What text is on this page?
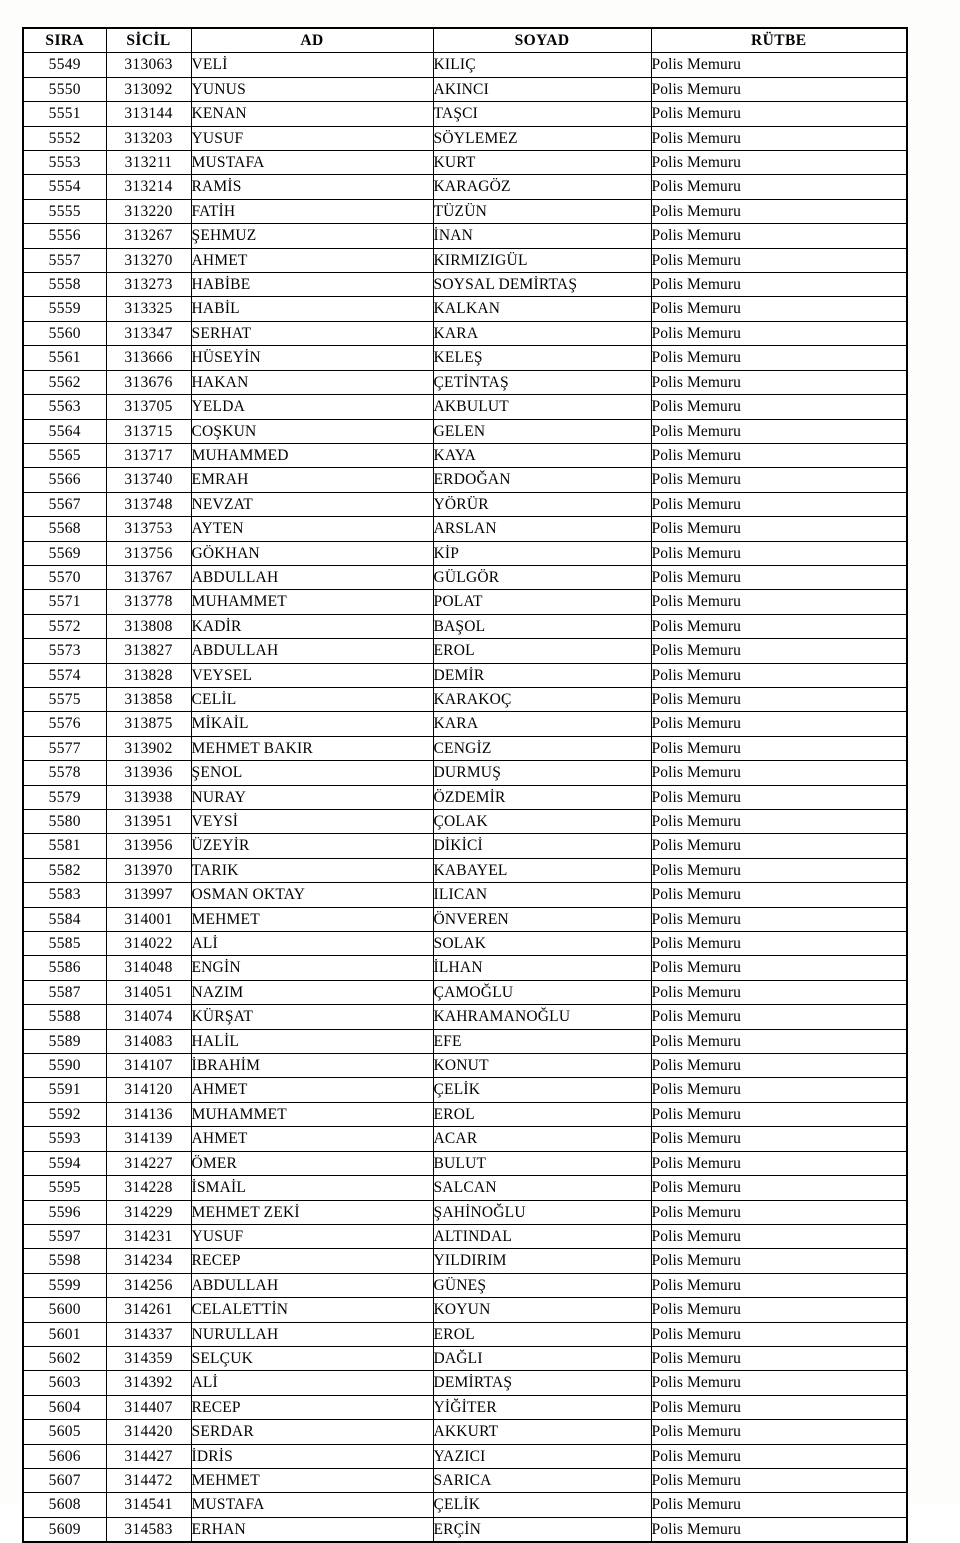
SIRA	SİCİL	AD	SOYAD	RÜTBE
5549	313063	VELİ	KILIÇ	Polis Memuru
5550	313092	YUNUS	AKINCI	Polis Memuru
5551	313144	KENAN	TAŞCI	Polis Memuru
5552	313203	YUSUF	SÖYLEMEZ	Polis Memuru
5553	313211	MUSTAFA	KURT	Polis Memuru
5554	313214	RAMİS	KARAGÖZ	Polis Memuru
5555	313220	FATİH	TÜZÜN	Polis Memuru
5556	313267	ŞEHMUZ	İNAN	Polis Memuru
5557	313270	AHMET	KIRMIZIGÜL	Polis Memuru
5558	313273	HABİBE	SOYSAL DEMİRTAŞ	Polis Memuru
5559	313325	HABİL	KALKAN	Polis Memuru
5560	313347	SERHAT	KARA	Polis Memuru
5561	313666	HÜSEYİN	KELEŞ	Polis Memuru
5562	313676	HAKAN	ÇETİNTAŞ	Polis Memuru
5563	313705	YELDA	AKBULUT	Polis Memuru
5564	313715	COŞKUN	GELEN	Polis Memuru
5565	313717	MUHAMMED	KAYA	Polis Memuru
5566	313740	EMRAH	ERDOĞAN	Polis Memuru
5567	313748	NEVZAT	YÖRÜR	Polis Memuru
5568	313753	AYTEN	ARSLAN	Polis Memuru
5569	313756	GÖKHAN	KİP	Polis Memuru
5570	313767	ABDULLAH	GÜLGÖR	Polis Memuru
5571	313778	MUHAMMET	POLAT	Polis Memuru
5572	313808	KADİR	BAŞOL	Polis Memuru
5573	313827	ABDULLAH	EROL	Polis Memuru
5574	313828	VEYSEL	DEMİR	Polis Memuru
5575	313858	CELİL	KARAKOÇ	Polis Memuru
5576	313875	MİKAİL	KARA	Polis Memuru
5577	313902	MEHMET BAKIR	CENGİZ	Polis Memuru
5578	313936	ŞENOL	DURMUŞ	Polis Memuru
5579	313938	NURAY	ÖZDEMİR	Polis Memuru
5580	313951	VEYSİ	ÇOLAK	Polis Memuru
5581	313956	ÜZEYİR	DİKİCİ	Polis Memuru
5582	313970	TARIK	KABAYEL	Polis Memuru
5583	313997	OSMAN OKTAY	ILICAN	Polis Memuru
5584	314001	MEHMET	ÖNVEREN	Polis Memuru
5585	314022	ALİ	SOLAK	Polis Memuru
5586	314048	ENGİN	İLHAN	Polis Memuru
5587	314051	NAZIM	ÇAMOĞLU	Polis Memuru
5588	314074	KÜRŞAT	KAHRAMANOĞLU	Polis Memuru
5589	314083	HALİL	EFE	Polis Memuru
5590	314107	İBRAHİM	KONUT	Polis Memuru
5591	314120	AHMET	ÇELİK	Polis Memuru
5592	314136	MUHAMMET	EROL	Polis Memuru
5593	314139	AHMET	ACAR	Polis Memuru
5594	314227	ÖMER	BULUT	Polis Memuru
5595	314228	İSMAİL	SALCAN	Polis Memuru
5596	314229	MEHMET ZEKİ	ŞAHİNOĞLU	Polis Memuru
5597	314231	YUSUF	ALTINDAL	Polis Memuru
5598	314234	RECEP	YILDIRIM	Polis Memuru
5599	314256	ABDULLAH	GÜNEŞ	Polis Memuru
5600	314261	CELALETTİN	KOYUN	Polis Memuru
5601	314337	NURULLAH	EROL	Polis Memuru
5602	314359	SELÇUK	DAĞLI	Polis Memuru
5603	314392	ALİ	DEMİRTAŞ	Polis Memuru
5604	314407	RECEP	YİĞİTER	Polis Memuru
5605	314420	SERDAR	AKKURT	Polis Memuru
5606	314427	İDRİS	YAZICI	Polis Memuru
5607	314472	MEHMET	SARICA	Polis Memuru
5608	314541	MUSTAFA	ÇELİK	Polis Memuru
5609	314583	ERHAN	ERÇİN	Polis Memuru
